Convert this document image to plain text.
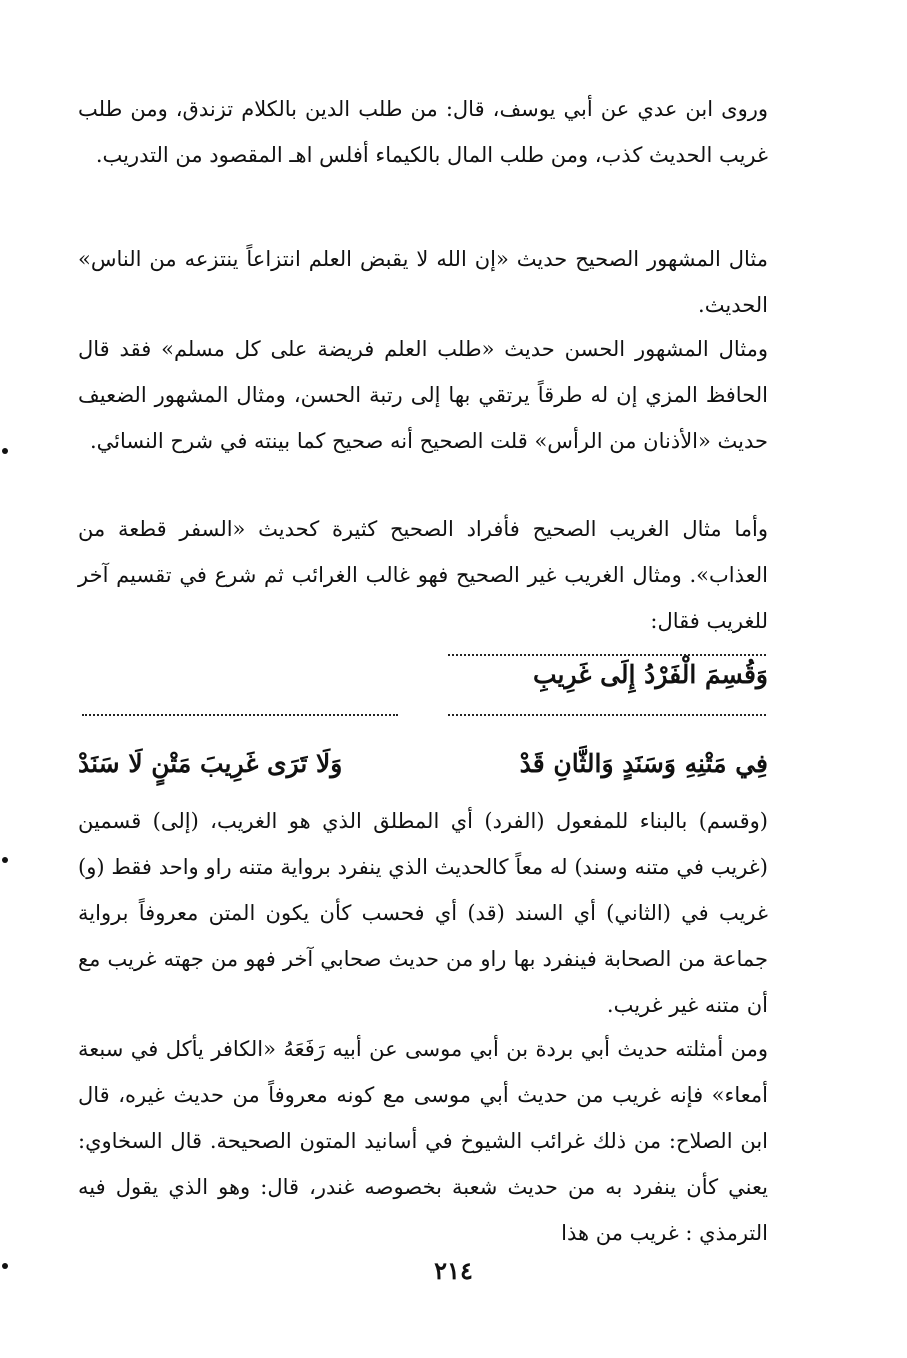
وروى ابن عدي عن أبي يوسف، قال: من طلب الدين بالكلام تزندق، ومن طلب غريب الحديث كذب، ومن طلب المال بالكيماء أفلس اهـ المقصود من التدريب.

مثال المشهور الصحيح حديث «إن الله لا يقبض العلم انتزاعاً ينتزعه من الناس» الحديث.

ومثال المشهور الحسن حديث «طلب العلم فريضة على كل مسلم» فقد قال الحافظ المزي إن له طرقاً يرتقي بها إلى رتبة الحسن، ومثال المشهور الضعيف حديث «الأذنان من الرأس» قلت الصحيح أنه صحيح كما بينته في شرح النسائي.

وأما مثال الغريب الصحيح فأفراد الصحيح كثيرة كحديث «السفر قطعة من العذاب». ومثال الغريب غير الصحيح فهو غالب الغرائب ثم شرع في تقسيم آخر للغريب فقال:

وَقُسِمَ الْفَرْدُ إِلَى غَرِيبِ
فِي مَتْنِهِ وَسَنَدٍ وَالثَّانِ قَدْ
وَلَا تَرَى غَرِيبَ مَتْنٍ لَا سَنَدْ

(وقسم) بالبناء للمفعول (الفرد) أي المطلق الذي هو الغريب، (إلى) قسمين (غريب في متنه وسند) له معاً كالحديث الذي ينفرد برواية متنه راو واحد فقط (و) غريب في (الثاني) أي السند (قد) أي فحسب كأن يكون المتن معروفاً برواية جماعة من الصحابة فينفرد بها راو من حديث صحابي آخر فهو من جهته غريب مع أن متنه غير غريب.

ومن أمثلته حديث أبي بردة بن أبي موسى عن أبيه رَفَعَهُ «الكافر يأكل في سبعة أمعاء» فإنه غريب من حديث أبي موسى مع كونه معروفاً من حديث غيره، قال ابن الصلاح: من ذلك غرائب الشيوخ في أسانيد المتون الصحيحة. قال السخاوي: يعني كأن ينفرد به من حديث شعبة بخصوصه غندر، قال: وهو الذي يقول فيه الترمذي : غريب من هذا

٢١٤
